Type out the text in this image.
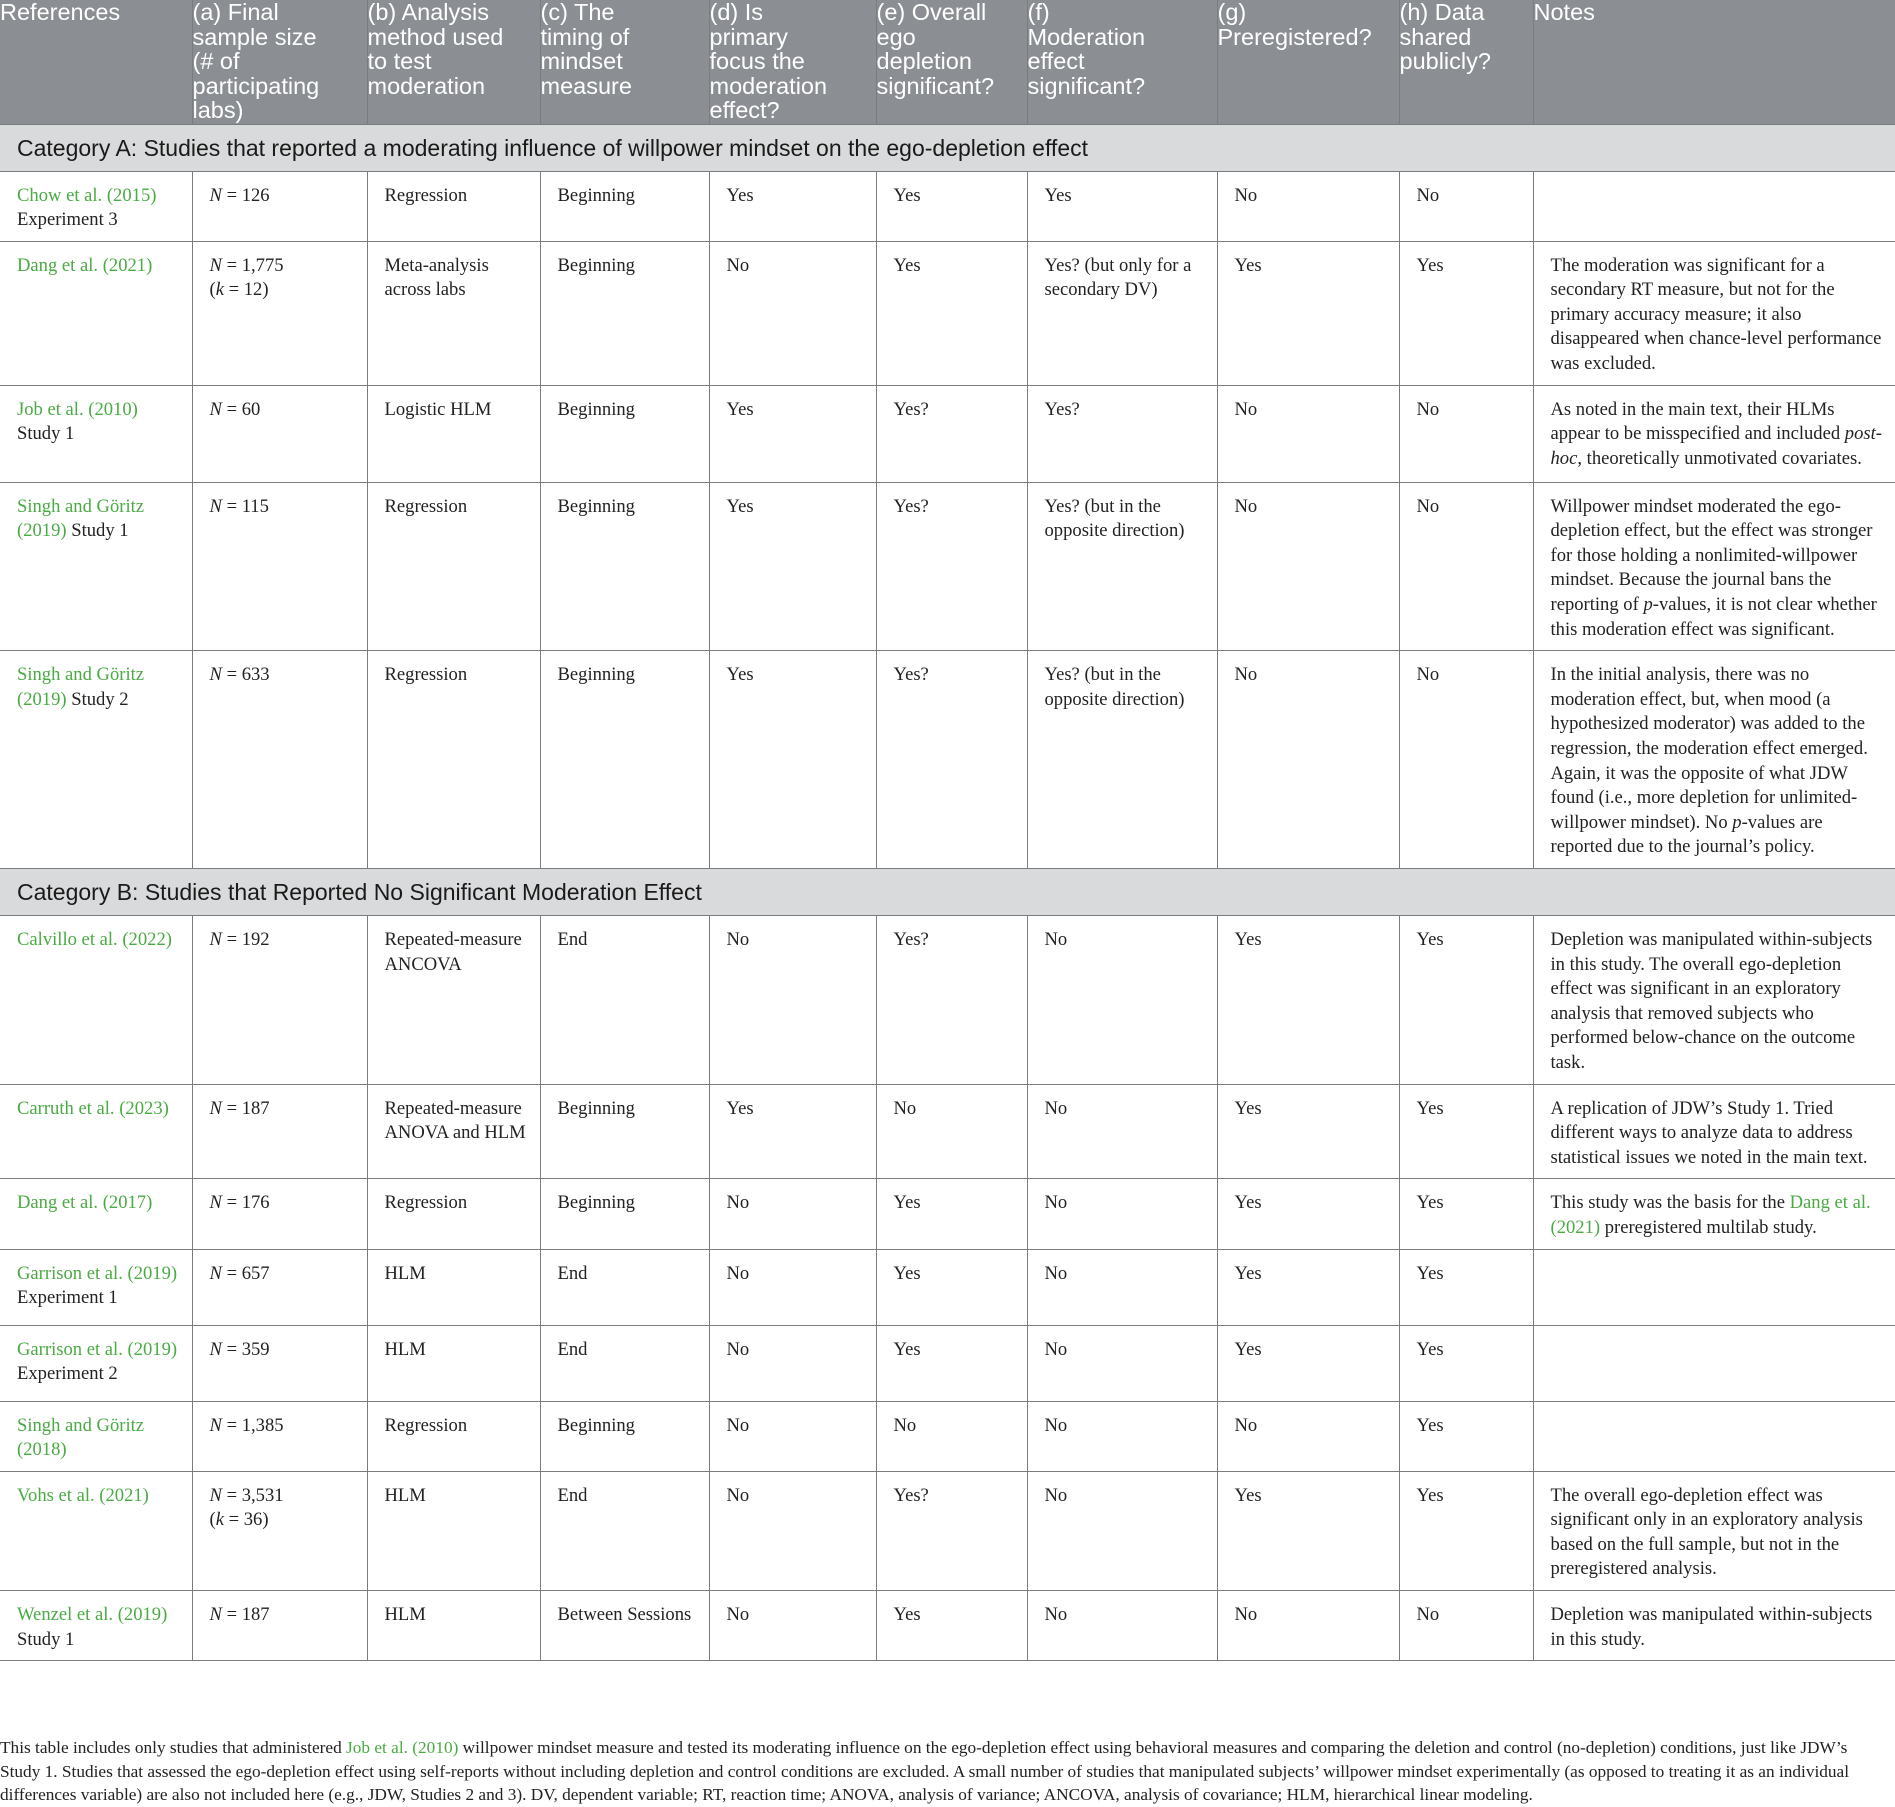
References	(a) Final
sample size
(# of
participating
labs)	(b) Analysis
method used
to test
moderation	(c) The
timing of
mindset
measure	(d) Is
primary
focus the
moderation
effect?	(e) Overall
ego
depletion
significant?	(f)
Moderation
effect
significant?	(g)
Preregistered?	(h) Data
shared
publicly?	Notes

Category A: Studies that reported a moderating influence of willpower mindset on the ego-depletion effect									
Chow et al. (2015) Experiment 3	N = 126	Regression	Beginning	Yes	Yes	Yes	No	No	
Dang et al. (2021)	N = 1,775
(k = 12)	Meta-analysis across labs	Beginning	No	Yes	Yes? (but only for a secondary DV)	Yes	Yes	The moderation was significant for a secondary RT measure, but not for the primary accuracy measure; it also disappeared when chance-level performance was excluded.
Job et al. (2010) Study 1	N = 60	Logistic HLM	Beginning	Yes	Yes?	Yes?	No	No	As noted in the main text, their HLMs appear to be misspecified and included post-hoc, theoretically unmotivated covariates.
Singh and Göritz (2019) Study 1	N = 115	Regression	Beginning	Yes	Yes?	Yes? (but in the opposite direction)	No	No	Willpower mindset moderated the ego-depletion effect, but the effect was stronger for those holding a nonlimited-willpower mindset. Because the journal bans the reporting of p-values, it is not clear whether this moderation effect was significant.
Singh and Göritz (2019) Study 2	N = 633	Regression	Beginning	Yes	Yes?	Yes? (but in the opposite direction)	No	No	In the initial analysis, there was no moderation effect, but, when mood (a hypothesized moderator) was added to the regression, the moderation effect emerged. Again, it was the opposite of what JDW found (i.e., more depletion for unlimited-willpower mindset). No p-values are reported due to the journal’s policy.
Category B: Studies that Reported No Significant Moderation Effect									
Calvillo et al. (2022)	N = 192	Repeated-measure ANCOVA	End	No	Yes?	No	Yes	Yes	Depletion was manipulated within-subjects in this study. The overall ego-depletion effect was significant in an exploratory analysis that removed subjects who performed below-chance on the outcome task.
Carruth et al. (2023)	N = 187	Repeated-measure ANOVA and HLM	Beginning	Yes	No	No	Yes	Yes	A replication of JDW’s Study 1. Tried different ways to analyze data to address statistical issues we noted in the main text.
Dang et al. (2017)	N = 176	Regression	Beginning	No	Yes	No	Yes	Yes	This study was the basis for the Dang et al. (2021) preregistered multilab study.
Garrison et al. (2019) Experiment 1	N = 657	HLM	End	No	Yes	No	Yes	Yes	
Garrison et al. (2019) Experiment 2	N = 359	HLM	End	No	Yes	No	Yes	Yes	
Singh and Göritz (2018)	N = 1,385	Regression	Beginning	No	No	No	No	Yes	
Vohs et al. (2021)	N = 3,531
(k = 36)	HLM	End	No	Yes?	No	Yes	Yes	The overall ego-depletion effect was significant only in an exploratory analysis based on the full sample, but not in the preregistered analysis.
Wenzel et al. (2019) Study 1	N = 187	HLM	Between Sessions	No	Yes	No	No	No	Depletion was manipulated within-subjects in this study.

This table includes only studies that administered Job et al. (2010) willpower mindset measure and tested its moderating influence on the ego-depletion effect using behavioral measures and comparing the deletion and control (no-depletion) conditions, just like JDW’s Study 1. Studies that assessed the ego-depletion effect using self-reports without including depletion and control conditions are excluded. A small number of studies that manipulated subjects’ willpower mindset experimentally (as opposed to treating it as an individual differences variable) are also not included here (e.g., JDW, Studies 2 and 3). DV, dependent variable; RT, reaction time; ANOVA, analysis of variance; ANCOVA, analysis of covariance; HLM, hierarchical linear modeling.
